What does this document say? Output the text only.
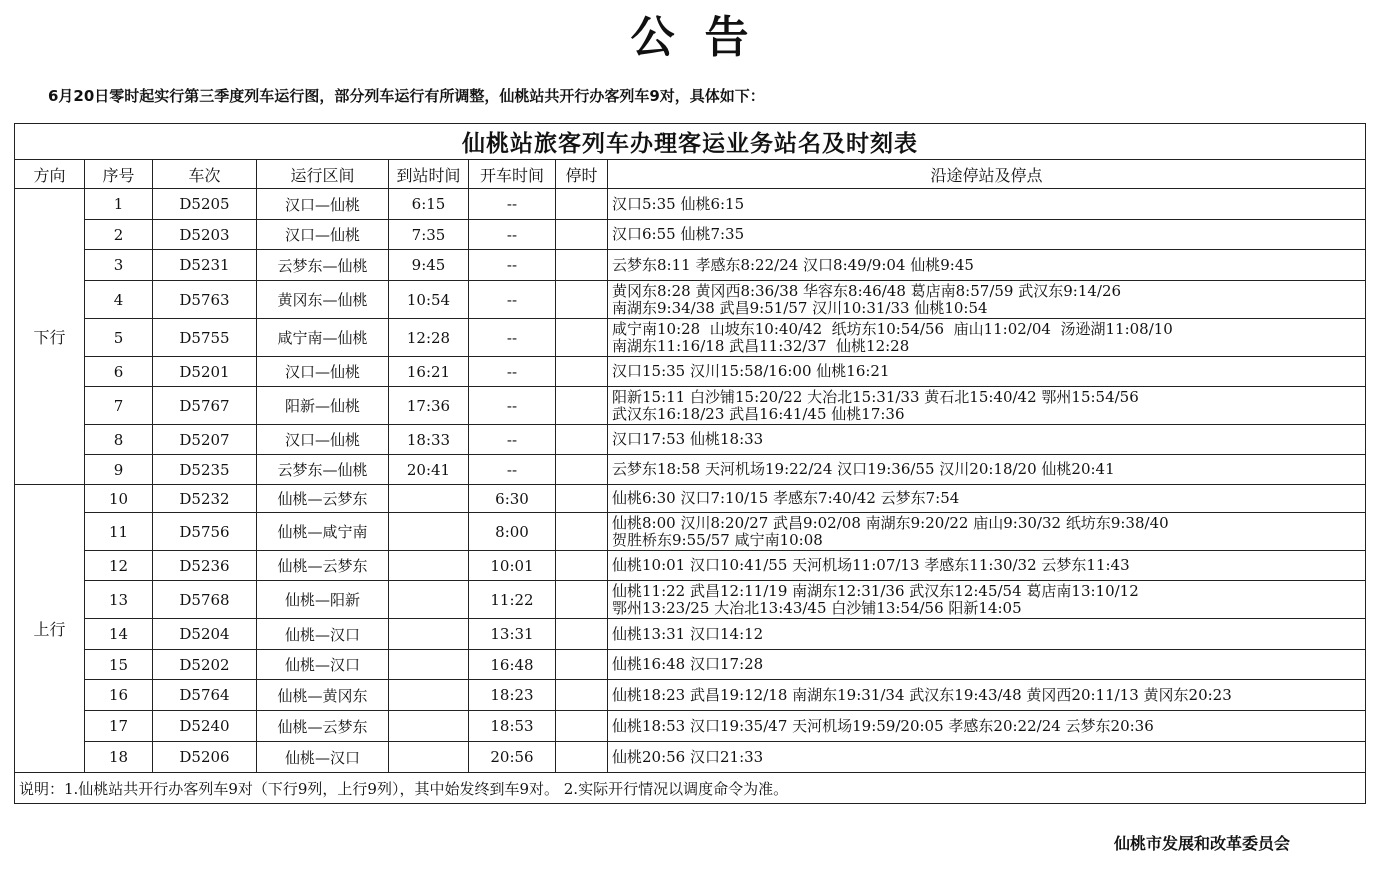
公告
6月20日零时起实行第三季度列车运行图，部分列车运行有所调整，仙桃站共开行办客列车9对，具体如下：
仙桃站旅客列车办理客运业务站名及时刻表							
方向	序号	车次	运行区间	到站时间	开车时间	停时	沿途停站及停点
下行	1	D5205	汉口—仙桃	6:15	--		汉口5:35 仙桃6:15
	2	D5203	汉口—仙桃	7:35	--		汉口6:55 仙桃7:35
	3	D5231	云梦东—仙桃	9:45	--		云梦东8:11 孝感东8:22/24 汉口8:49/9:04 仙桃9:45
	4	D5763	黄冈东—仙桃	10:54	--		黄冈东8:28 黄冈西8:36/38 华容东8:46/48 葛店南8:57/59 武汉东9:14/26
南湖东9:34/38 武昌9:51/57 汉川10:31/33 仙桃10:54
	5	D5755	咸宁南—仙桃	12:28	--		咸宁南10:28  山坡东10:40/42  纸坊东10:54/56  庙山11:02/04  汤逊湖11:08/10
南湖东11:16/18 武昌11:32/37  仙桃12:28
	6	D5201	汉口—仙桃	16:21	--		汉口15:35 汉川15:58/16:00 仙桃16:21
	7	D5767	阳新—仙桃	17:36	--		阳新15:11 白沙铺15:20/22 大冶北15:31/33 黄石北15:40/42 鄂州15:54/56
武汉东16:18/23 武昌16:41/45 仙桃17:36
	8	D5207	汉口—仙桃	18:33	--		汉口17:53 仙桃18:33
	9	D5235	云梦东—仙桃	20:41	--		云梦东18:58 天河机场19:22/24 汉口19:36/55 汉川20:18/20 仙桃20:41
上行	10	D5232	仙桃—云梦东		6:30		仙桃6:30 汉口7:10/15 孝感东7:40/42 云梦东7:54
	11	D5756	仙桃—咸宁南		8:00		仙桃8:00 汉川8:20/27 武昌9:02/08 南湖东9:20/22 庙山9:30/32 纸坊东9:38/40
贺胜桥东9:55/57 咸宁南10:08
	12	D5236	仙桃—云梦东		10:01		仙桃10:01 汉口10:41/55 天河机场11:07/13 孝感东11:30/32 云梦东11:43
	13	D5768	仙桃—阳新		11:22		仙桃11:22 武昌12:11/19 南湖东12:31/36 武汉东12:45/54 葛店南13:10/12
鄂州13:23/25 大冶北13:43/45 白沙铺13:54/56 阳新14:05
	14	D5204	仙桃—汉口		13:31		仙桃13:31 汉口14:12
	15	D5202	仙桃—汉口		16:48		仙桃16:48 汉口17:28
	16	D5764	仙桃—黄冈东		18:23		仙桃18:23 武昌19:12/18 南湖东19:31/34 武汉东19:43/48 黄冈西20:11/13 黄冈东20:23
	17	D5240	仙桃—云梦东		18:53		仙桃18:53 汉口19:35/47 天河机场19:59/20:05 孝感东20:22/24 云梦东20:36
	18	D5206	仙桃—汉口		20:56		仙桃20:56 汉口21:33
说明：1.仙桃站共开行办客列车9对（下行9列，上行9列），其中始发终到车9对。 2.实际开行情况以调度命令为准。							
仙桃市发展和改革委员会
